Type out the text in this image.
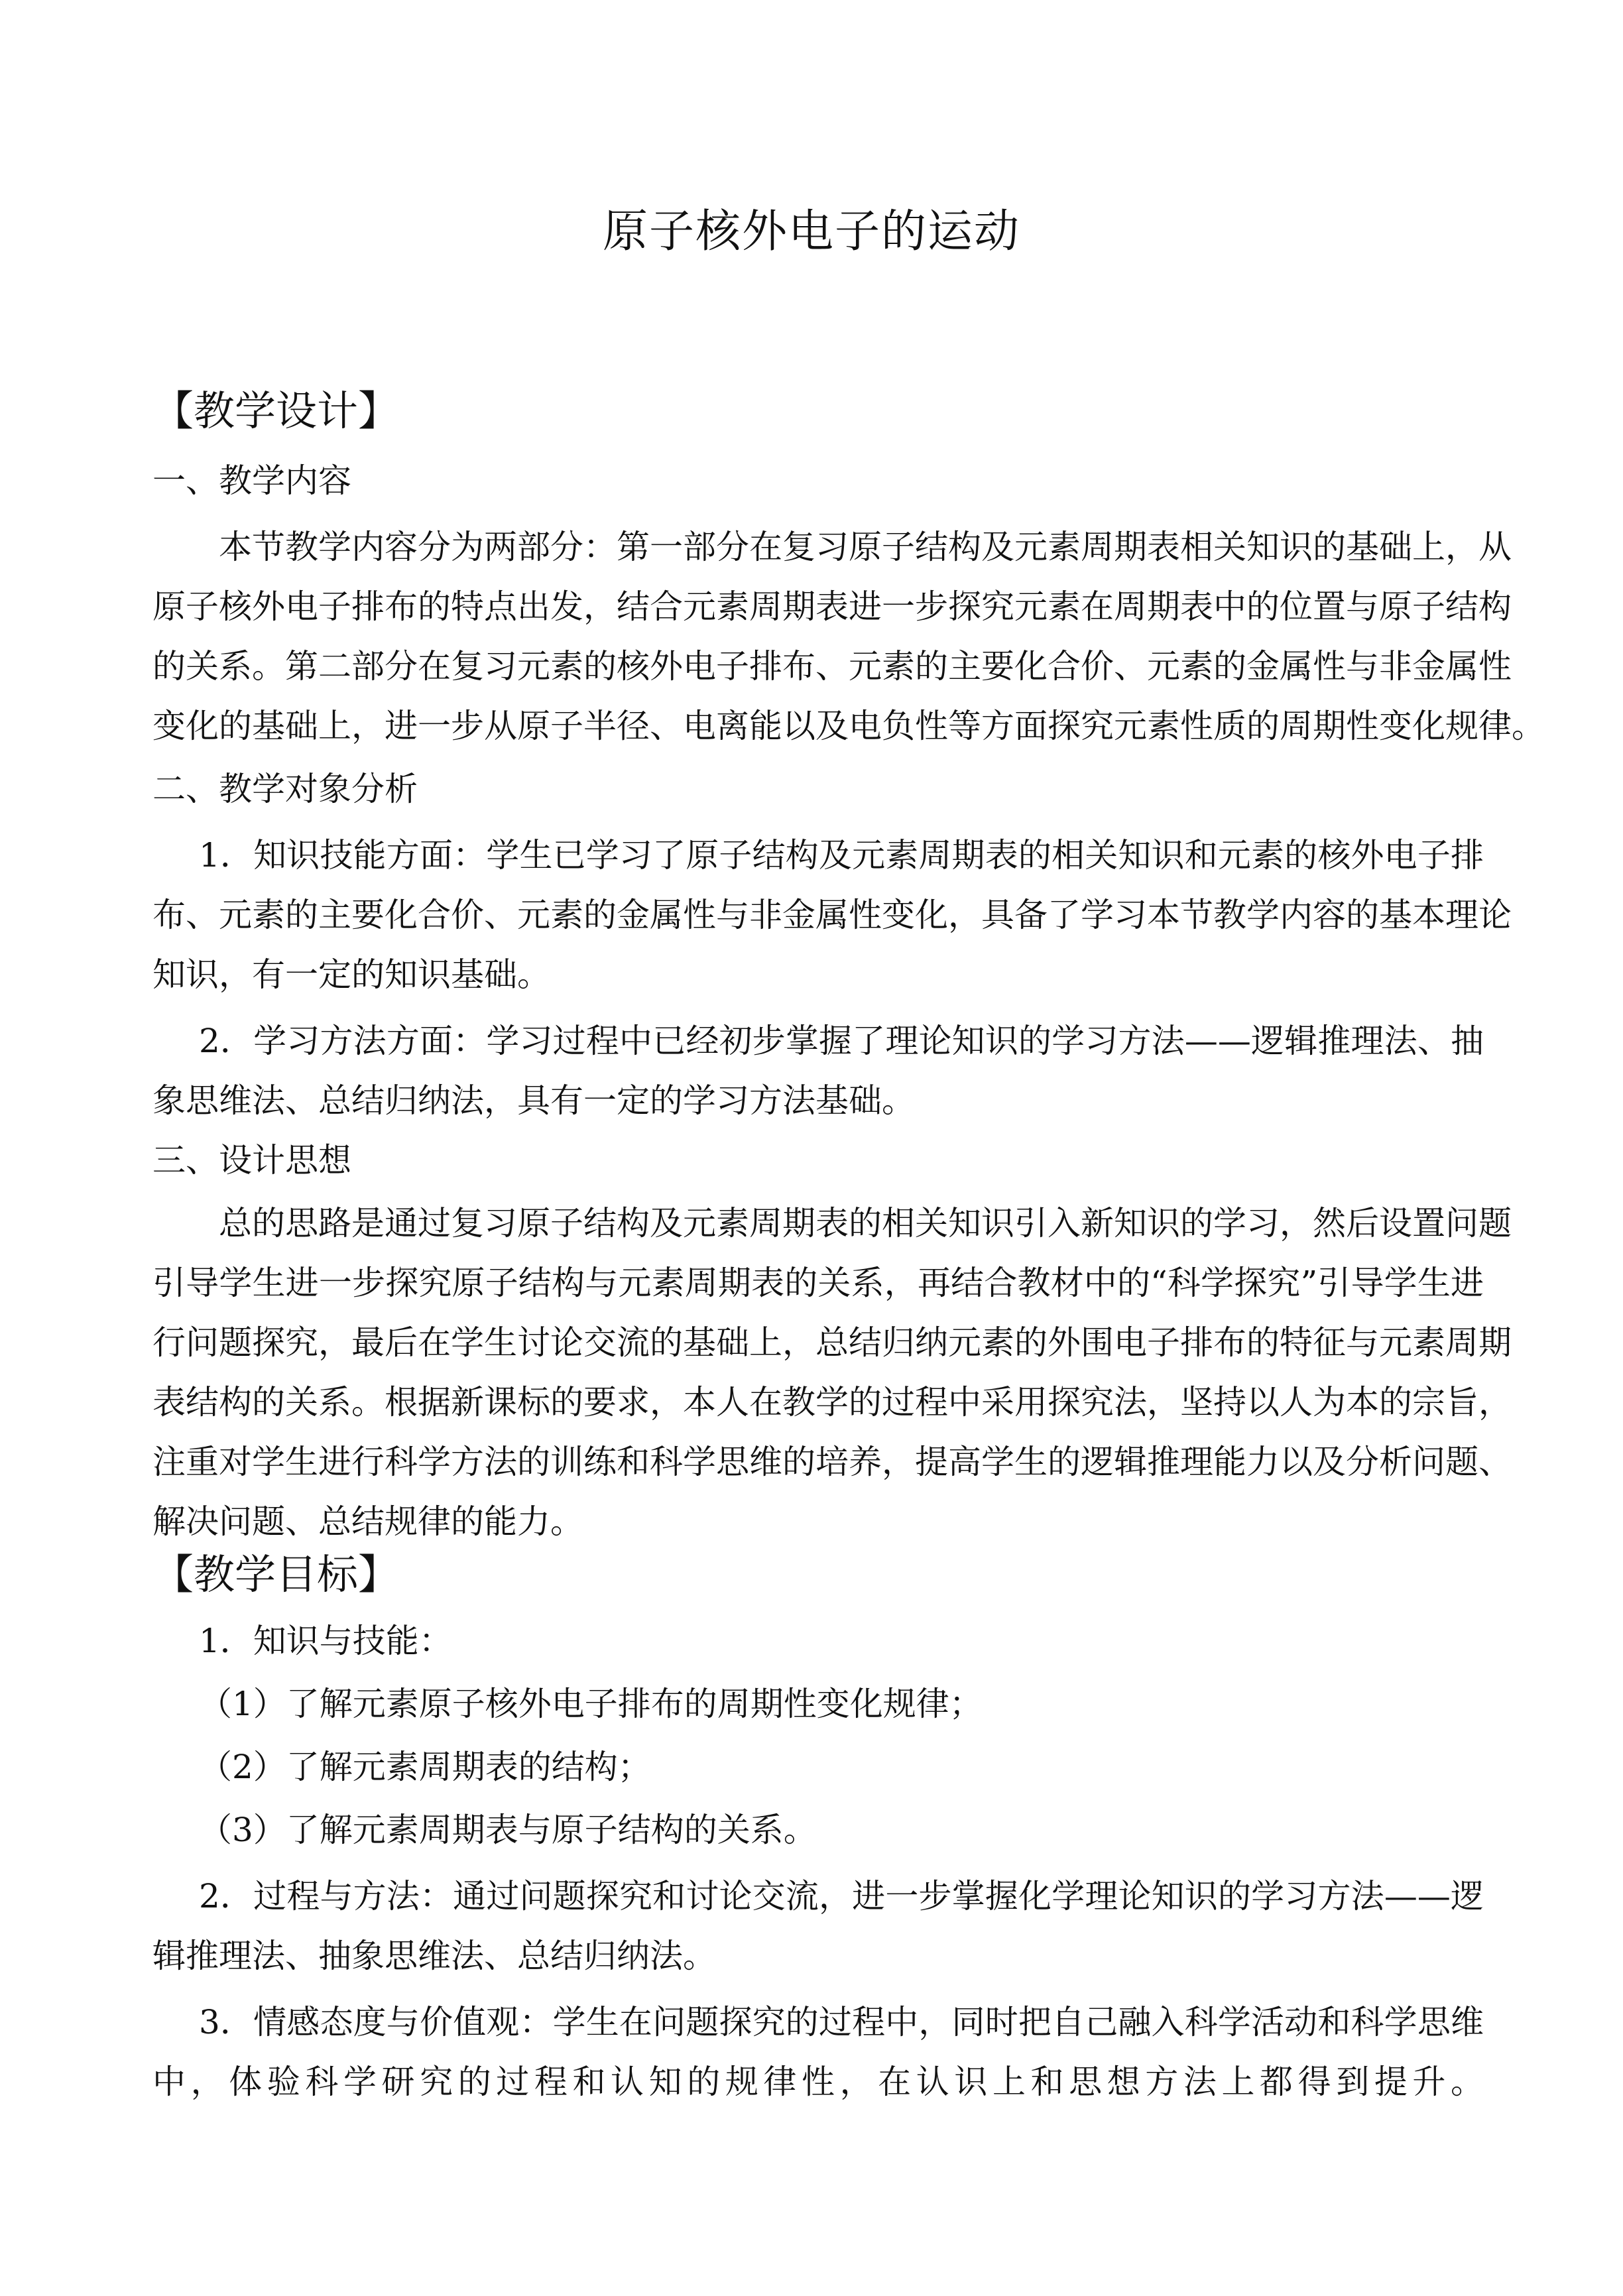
原子核外电子的运动
【教学设计】
一、教学内容
本节教学内容分为两部分：第一部分在复习原子结构及元素周期表相关知识的基础上，从
原子核外电子排布的特点出发，结合元素周期表进一步探究元素在周期表中的位置与原子结构
的关系。第二部分在复习元素的核外电子排布、元素的主要化合价、元素的金属性与非金属性
变化的基础上，进一步从原子半径、电离能以及电负性等方面探究元素性质的周期性变化规律。
二、教学对象分析
1．知识技能方面：学生已学习了原子结构及元素周期表的相关知识和元素的核外电子排
布、元素的主要化合价、元素的金属性与非金属性变化，具备了学习本节教学内容的基本理论
知识，有一定的知识基础。
2．学习方法方面：学习过程中已经初步掌握了理论知识的学习方法——逻辑推理法、抽
象思维法、总结归纳法，具有一定的学习方法基础。
三、设计思想
总的思路是通过复习原子结构及元素周期表的相关知识引入新知识的学习，然后设置问题
引导学生进一步探究原子结构与元素周期表的关系，再结合教材中的“科学探究”引导学生进
行问题探究，最后在学生讨论交流的基础上，总结归纳元素的外围电子排布的特征与元素周期
表结构的关系。根据新课标的要求，本人在教学的过程中采用探究法，坚持以人为本的宗旨，
注重对学生进行科学方法的训练和科学思维的培养，提高学生的逻辑推理能力以及分析问题、
解决问题、总结规律的能力。
【教学目标】
1．知识与技能：
（1）了解元素原子核外电子排布的周期性变化规律；
（2）了解元素周期表的结构；
（3）了解元素周期表与原子结构的关系。
2．过程与方法：通过问题探究和讨论交流，进一步掌握化学理论知识的学习方法——逻
辑推理法、抽象思维法、总结归纳法。
3．情感态度与价值观：学生在问题探究的过程中，同时把自己融入科学活动和科学思维
中，体验科学研究的过程和认知的规律性，在认识上和思想方法上都得到提升。
